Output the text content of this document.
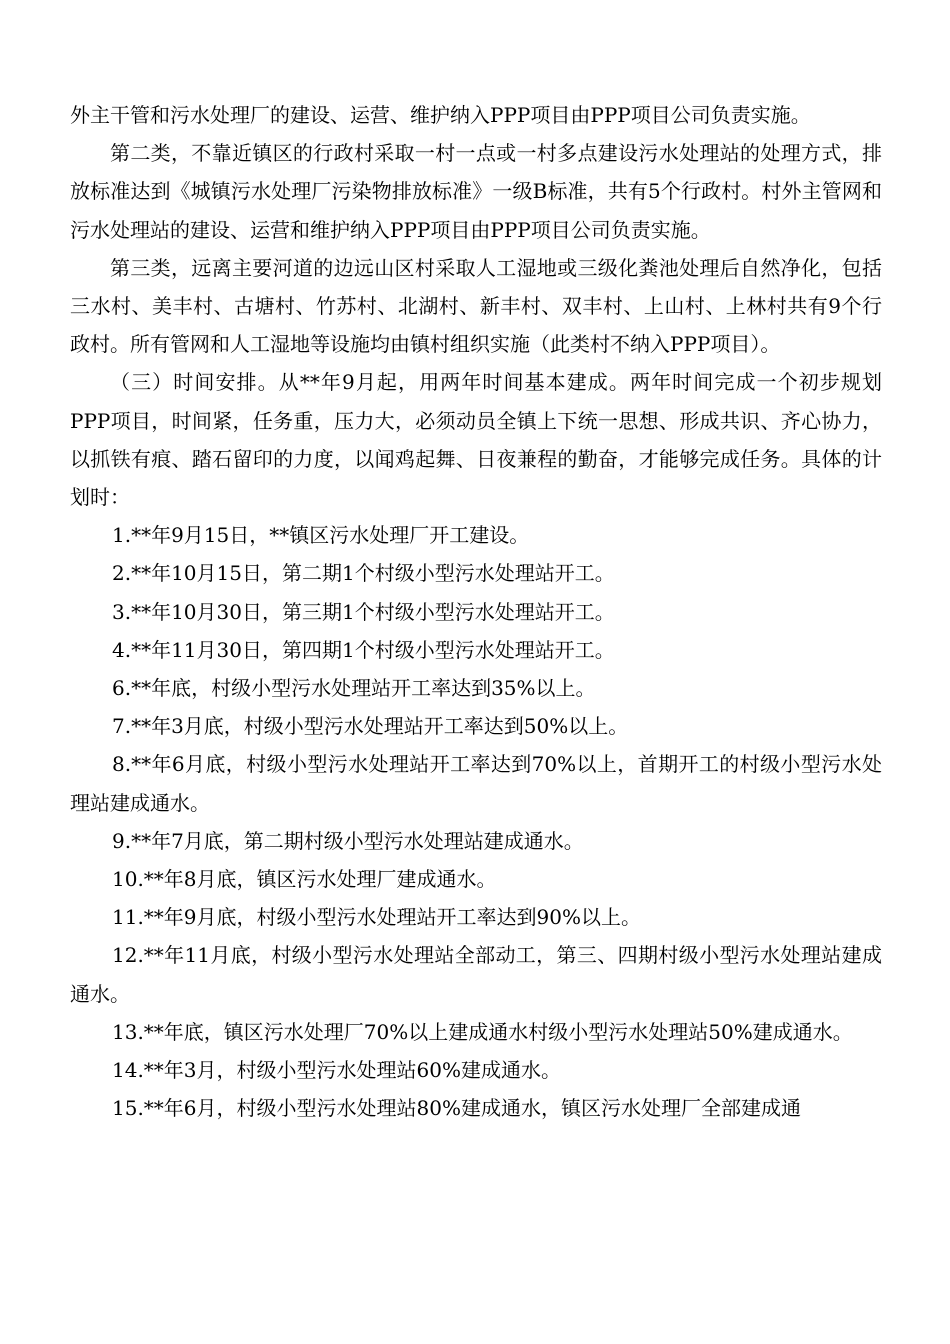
外主干管和污水处理厂的建设、运营、维护纳入PPP项目由PPP项目公司负责实施。

第二类，不靠近镇区的行政村采取一村一点或一村多点建设污水处理站的处理方式，排放标准达到《城镇污水处理厂污染物排放标准》一级B标准，共有5个行政村。村外主管网和污水处理站的建设、运营和维护纳入PPP项目由PPP项目公司负责实施。

第三类，远离主要河道的边远山区村采取人工湿地或三级化粪池处理后自然净化，包括三水村、美丰村、古塘村、竹苏村、北湖村、新丰村、双丰村、上山村、上林村共有9个行政村。所有管网和人工湿地等设施均由镇村组织实施（此类村不纳入PPP项目）。

（三）时间安排。从**年9月起，用两年时间基本建成。两年时间完成一个初步规划PPP项目，时间紧，任务重，压力大，必须动员全镇上下统一思想、形成共识、齐心协力，以抓铁有痕、踏石留印的力度，以闻鸡起舞、日夜兼程的勤奋，才能够完成任务。具体的计划时：

1.**年9月15日，**镇区污水处理厂开工建设。

2.**年10月15日，第二期1个村级小型污水处理站开工。

3.**年10月30日，第三期1个村级小型污水处理站开工。

4.**年11月30日，第四期1个村级小型污水处理站开工。

6.**年底，村级小型污水处理站开工率达到35%以上。

7.**年3月底，村级小型污水处理站开工率达到50%以上。

8.**年6月底，村级小型污水处理站开工率达到70%以上，首期开工的村级小型污水处理站建成通水。

9.**年7月底，第二期村级小型污水处理站建成通水。

10.**年8月底，镇区污水处理厂建成通水。

11.**年9月底，村级小型污水处理站开工率达到90%以上。

12.**年11月底，村级小型污水处理站全部动工，第三、四期村级小型污水处理站建成通水。

13.**年底，镇区污水处理厂70%以上建成通水村级小型污水处理站50%建成通水。

14.**年3月，村级小型污水处理站60%建成通水。

15.**年6月，村级小型污水处理站80%建成通水，镇区污水处理厂全部建成通
